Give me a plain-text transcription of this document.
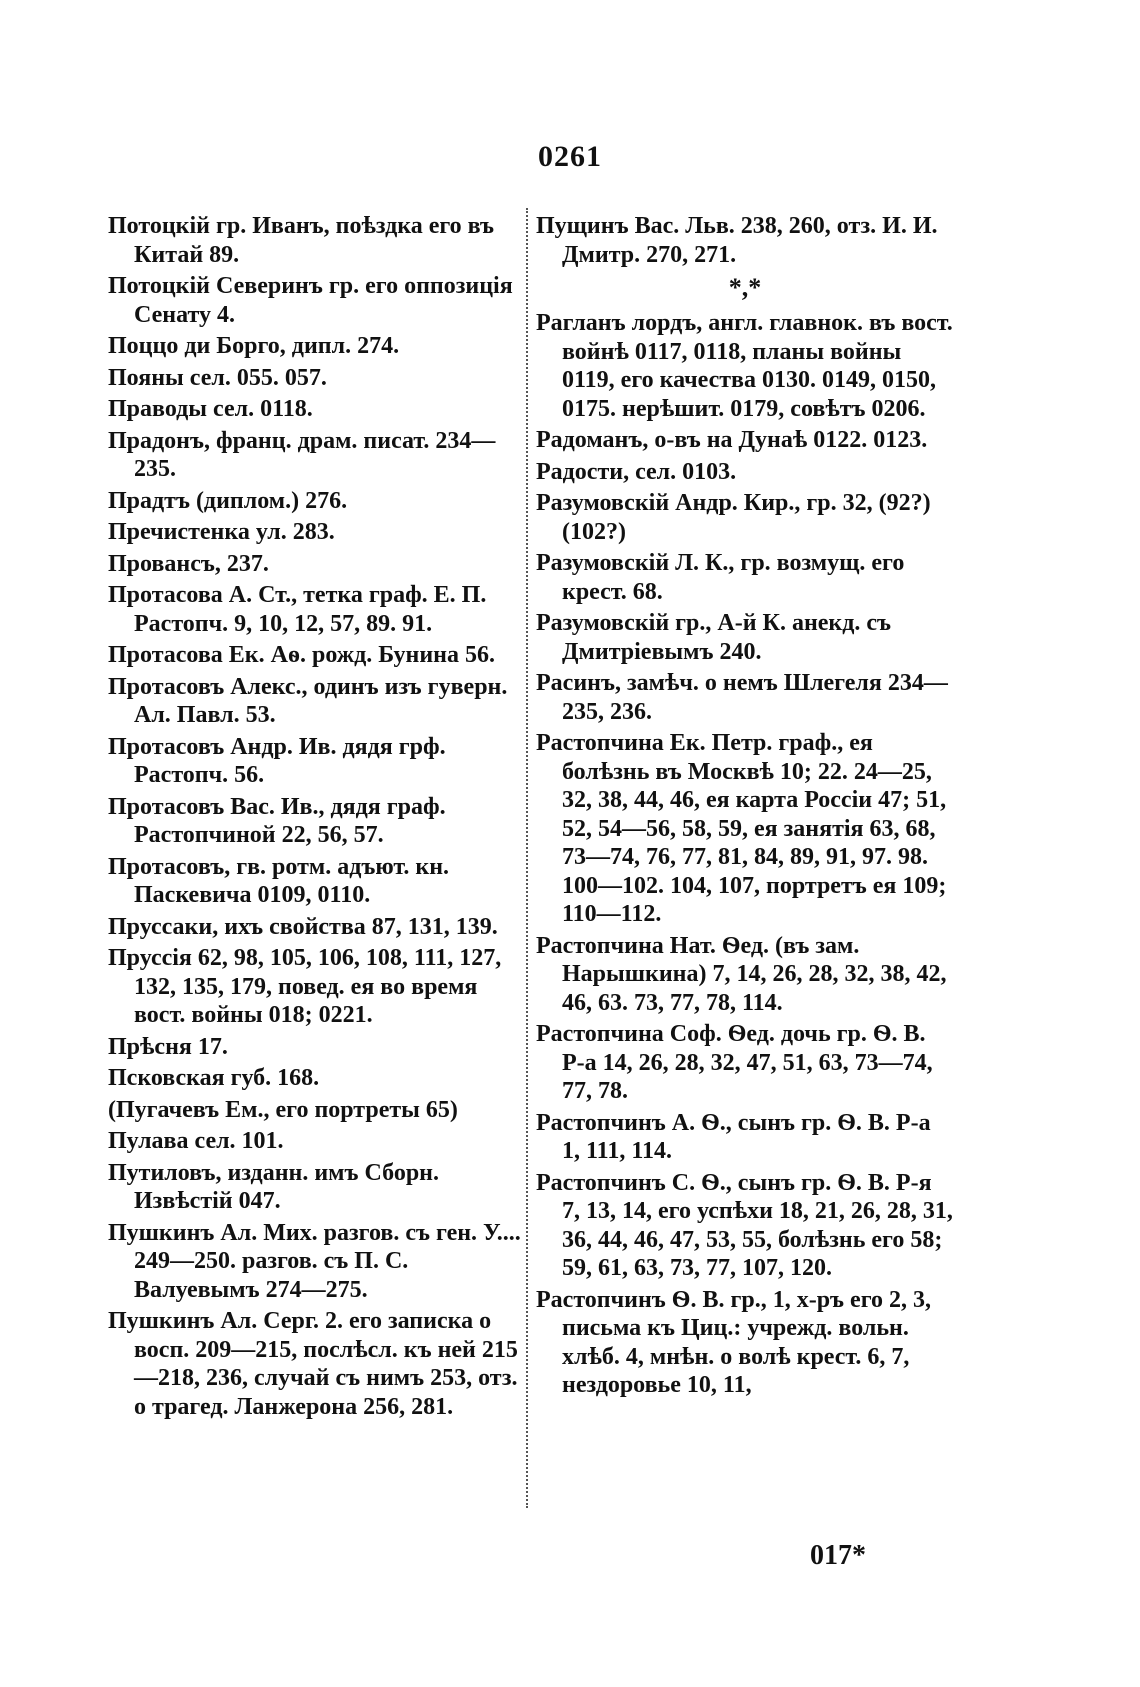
0261
Потоцкій гр. Иванъ, поѣздка его въ Китай 89.
Потоцкій Северинъ гр. его оппозиція Сенату 4.
Поццо ди Борго, дипл. 274.
Пояны сел. 055. 057.
Праводы сел. 0118.
Прадонъ, франц. драм. писат. 234—235.
Прадтъ (диплом.) 276.
Пречистенка ул. 283.
Провансъ, 237.
Протасова А. Ст., тетка граф. Е. П. Растопч. 9, 10, 12, 57, 89. 91.
Протасова Ек. Аѳ. рожд. Бунина 56.
Протасовъ Алекс., одинъ изъ гуверн. Ал. Павл. 53.
Протасовъ Андр. Ив. дядя грф. Растопч. 56.
Протасовъ Вас. Ив., дядя граф. Растопчиной 22, 56, 57.
Протасовъ, гв. ротм. адъют. кн. Паскевича 0109, 0110.
Пруссаки, ихъ свойства 87, 131, 139.
Пруссія 62, 98, 105, 106, 108, 111, 127, 132, 135, 179, повед. ея во время вост. войны 018; 0221.
Прѣсня 17.
Псковская губ. 168.
(Пугачевъ Ем., его портреты 65)
Пулава сел. 101.
Путиловъ, изданн. имъ Сборн. Извѣстій 047.
Пушкинъ Ал. Мих. разгов. съ ген. У.... 249—250. разгов. съ П. С. Валуевымъ 274—275.
Пушкинъ Ал. Серг. 2. его записка о восп. 209—215, послѣсл. къ ней 215—218, 236, случай съ нимъ 253, отз. о трагед. Ланжерона 256, 281.
Пущинъ Вас. Льв. 238, 260, отз. И. И. Дмитр. 270, 271.
*,*
Рагланъ лордъ, англ. главнок. въ вост. войнѣ 0117, 0118, планы войны 0119, его качества 0130. 0149, 0150, 0175. нерѣшит. 0179, совѣтъ 0206.
Радоманъ, о-въ на Дунаѣ 0122. 0123.
Радости, сел. 0103.
Разумовскій Андр. Кир., гр. 32, (92?) (102?)
Разумовскій Л. К., гр. возмущ. его крест. 68.
Разумовскій гр., А-й К. анекд. съ Дмитріевымъ 240.
Расинъ, замѣч. о немъ Шлегеля 234—235, 236.
Растопчина Ек. Петр. граф., ея болѣзнь въ Москвѣ 10; 22. 24—25, 32, 38, 44, 46, ея карта Россіи 47; 51, 52, 54—56, 58, 59, ея занятія 63, 68, 73—74, 76, 77, 81, 84, 89, 91, 97. 98. 100—102. 104, 107, портретъ ея 109; 110—112.
Растопчина Нат. Ѳед. (въ зам. Нарышкина) 7, 14, 26, 28, 32, 38, 42, 46, 63. 73, 77, 78, 114.
Растопчина Соф. Ѳед. дочь гр. Ѳ. В. Р-а 14, 26, 28, 32, 47, 51, 63, 73—74, 77, 78.
Растопчинъ А. Ѳ., сынъ гр. Ѳ. В. Р-а 1, 111, 114.
Растопчинъ С. Ѳ., сынъ гр. Ѳ. В. Р-я 7, 13, 14, его успѣхи 18, 21, 26, 28, 31, 36, 44, 46, 47, 53, 55, болѣзнь его 58; 59, 61, 63, 73, 77, 107, 120.
Растопчинъ Ѳ. В. гр., 1, х-ръ его 2, 3, письма къ Циц.: учрежд. вольн. хлѣб. 4, мнѣн. о волѣ крест. 6, 7, нездоровье 10, 11,
017*
